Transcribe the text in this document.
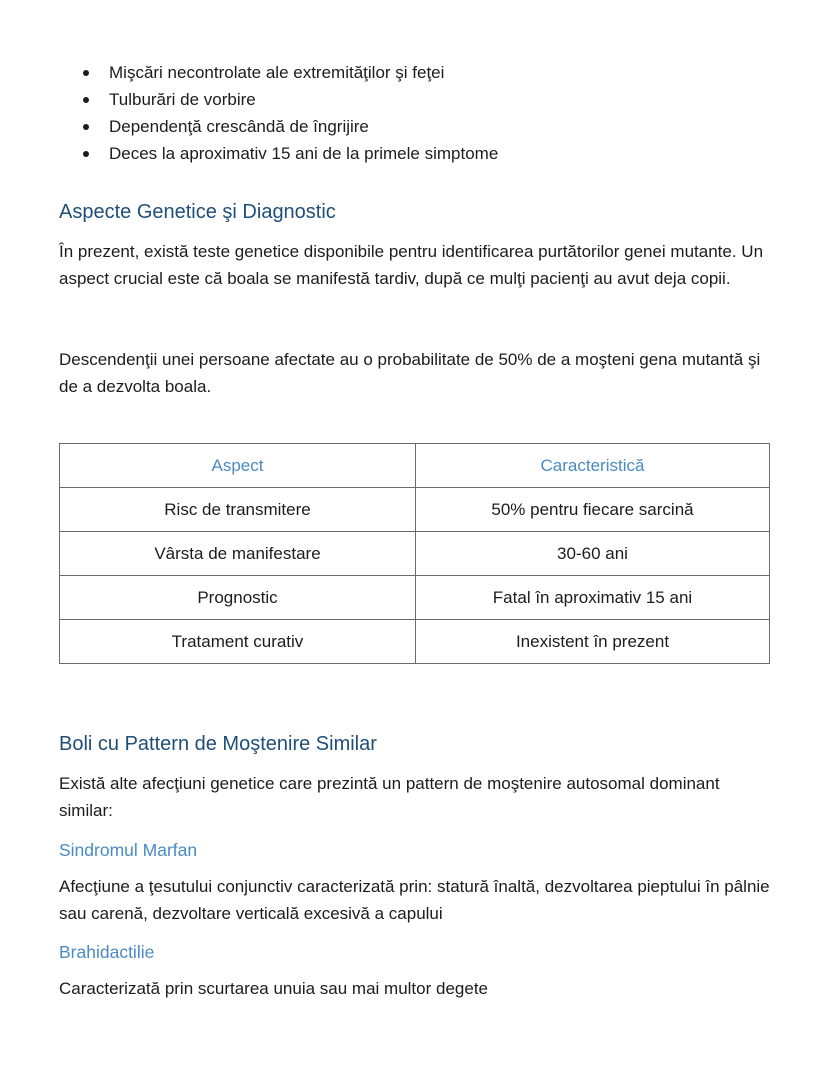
Mişcări necontrolate ale extremităţilor şi feţei
Tulburări de vorbire
Dependenţă crescândă de îngrijire
Deces la aproximativ 15 ani de la primele simptome
Aspecte Genetice şi Diagnostic

În prezent, există teste genetice disponibile pentru identificarea purtătorilor genei mutante. Un aspect crucial este că boala se manifestă tardiv, după ce mulţi pacienţi au avut deja copii.

Descendenţii unei persoane afectate au o probabilitate de 50% de a moşteni gena mutantă şi de a dezvolta boala.

Aspect	Caracteristică
Risc de transmitere	50% pentru fiecare sarcină
Vârsta de manifestare	30-60 ani
Prognostic	Fatal în aproximativ 15 ani
Tratament curativ	Inexistent în prezent
Boli cu Pattern de Moştenire Similar

Există alte afecţiuni genetice care prezintă un pattern de moştenire autosomal dominant similar:

Sindromul Marfan

Afecţiune a ţesutului conjunctiv caracterizată prin: statură înaltă, dezvoltarea pieptului în pâlnie sau carenă, dezvoltare verticală excesivă a capului

Brahidactilie

Caracterizată prin scurtarea unuia sau mai multor degete
